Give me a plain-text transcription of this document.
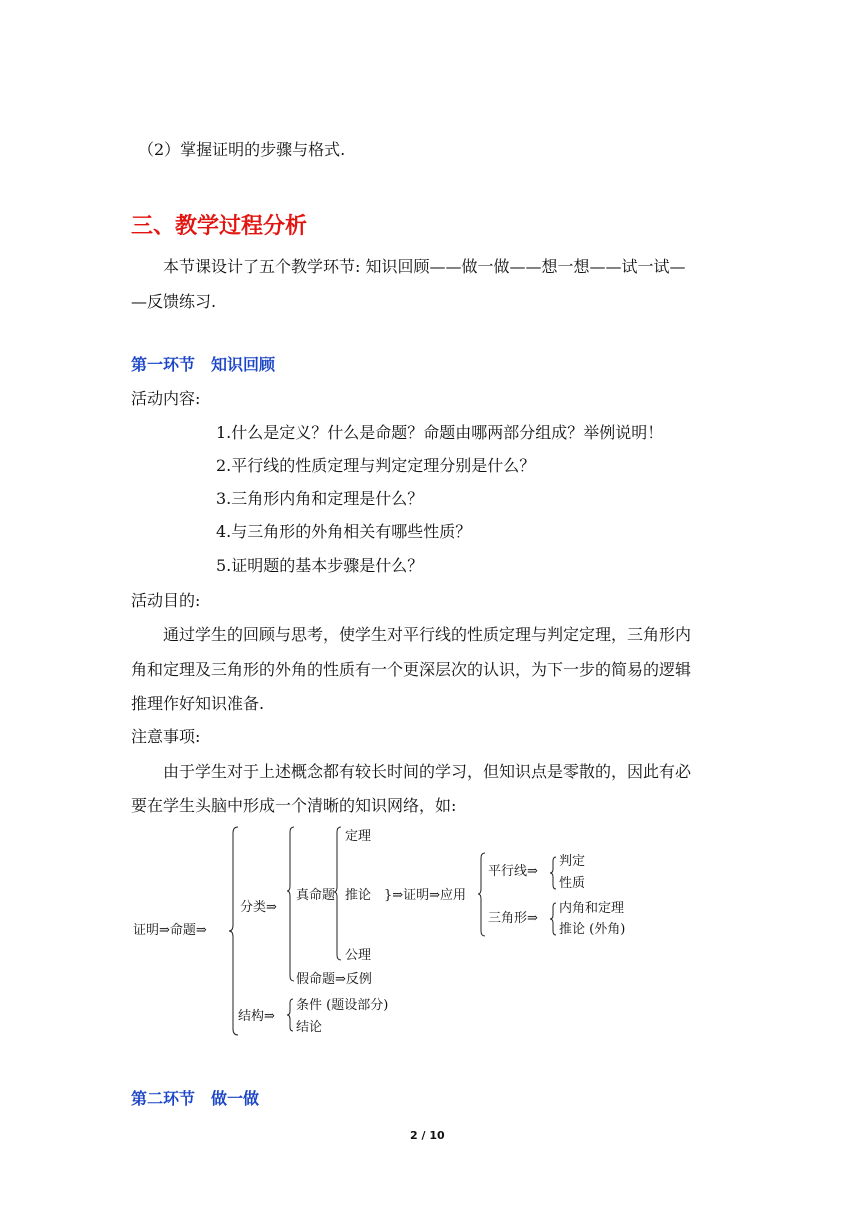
（2）掌握证明的步骤与格式.
三、教学过程分析
本节课设计了五个教学环节: 知识回顾——做一做——想一想——试一试—
—反馈练习.
第一环节　知识回顾
活动内容:
1.什么是定义？什么是命题？命题由哪两部分组成？举例说明！
2.平行线的性质定理与判定定理分别是什么？
3.三角形内角和定理是什么？
4.与三角形的外角相关有哪些性质？
5.证明题的基本步骤是什么？
活动目的:
通过学生的回顾与思考，使学生对平行线的性质定理与判定定理，三角形内
角和定理及三角形的外角的性质有一个更深层次的认识，为下一步的简易的逻辑
推理作好知识准备.
注意事项:
由于学生对于上述概念都有较长时间的学习，但知识点是零散的，因此有必
要在学生头脑中形成一个清晰的知识网络，如:
证明⇒命题⇒
分类⇒
真命题
定理
推论 }⇒证明⇒应用
公理
平行线⇒
判定
性质
三角形⇒
内角和定理
推论 (外角)
假命题⇒反例
结构⇒
条件 (题设部分)
结论
第二环节　做一做
2 / 10
